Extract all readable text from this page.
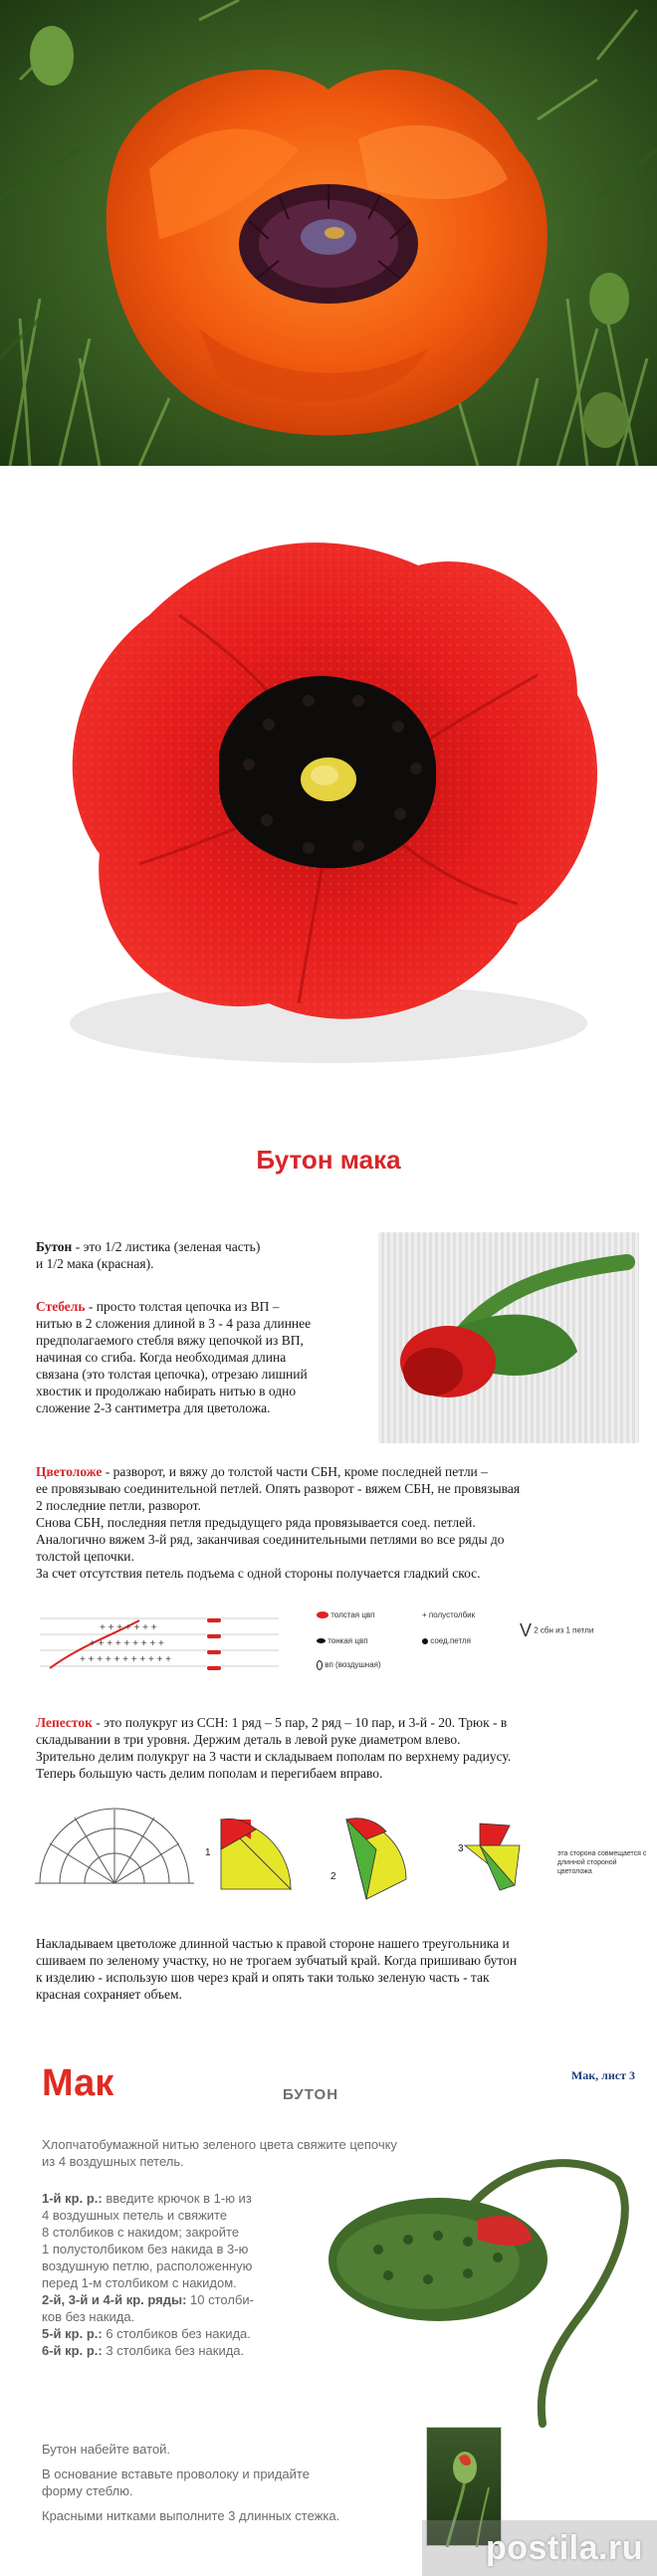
Бутон мака
Бутон - это 1/2 листика (зеленая часть)
и 1/2 мака (красная).
Стебель - просто толстая цепочка из ВП –
нитью в 2 сложения длиной в 3 - 4 раза длиннее
предполагаемого стебля вяжу цепочкой из ВП,
начиная со сгиба. Когда необходимая длина
связана (это толстая цепочка), отрезаю лишний
хвостик и продолжаю набирать нитью в одно
сложение 2-3 сантиметра для цветоложа.
Цветоложе - разворот, и вяжу до толстой части СБН, кроме последней петли –
ее провязываю соединительной петлей. Опять разворот - вяжем СБН, не провязывая
2 последние петли, разворот.
Снова СБН, последняя петля предыдущего ряда провязывается соед. петлей.
Аналогично вяжем 3-й ряд, заканчивая соединительными петлями во все ряды до
толстой цепочки.
За счет отсутствия петель подъема с одной стороны получается гладкий скос.
+ + + + + + +
+ + + + + + + + +
+ + + + + + + + + + +
толстая цвп
тонкая цвп
вп (воздушная)
+ полустолбик
соед.петля
V 2 сбн из 1 петли
Лепесток - это полукруг из ССН: 1 ряд – 5 пар, 2 ряд – 10 пар, и 3-й - 20. Трюк - в
складывании в три уровня. Держим деталь в левой руке диаметром влево.
Зрительно делим полукруг на 3 части и складываем пополам по верхнему радиусу.
Теперь большую часть делим пополам и перегибаем вправо.
1
2
3	эта сторона совмещается с длинной стороной цветоложа
Накладываем цветоложе длинной частью к правой стороне нашего треугольника и
сшиваем по зеленому участку, но не трогаем зубчатый край. Когда пришиваю бутон
к изделию - использую шов через край и опять таки только зеленую часть - так
красная сохраняет объем.
Мак	БУТОН
Мак, лист 3
Хлопчатобумажной нитью зеленого цвета свяжите цепочку
из 4 воздушных петель.
1-й кр. р.: введите крючок в 1-ю из
4 воздушных петель и свяжите
8 столбиков с накидом; закройте
1 полустолбиком без накида в 3-ю
воздушную петлю, расположенную
перед 1-м столбиком с накидом.
2-й, 3-й и 4-й кр. ряды: 10 столби-
ков без накида.
5-й кр. р.: 6 столбиков без накида.
6-й кр. р.: 3 столбика без накида.
Бутон набейте ватой.
В основание вставьте проволоку и придайте
форму стеблю.
Красными нитками выполните 3 длинных стежка.
postila.ru
